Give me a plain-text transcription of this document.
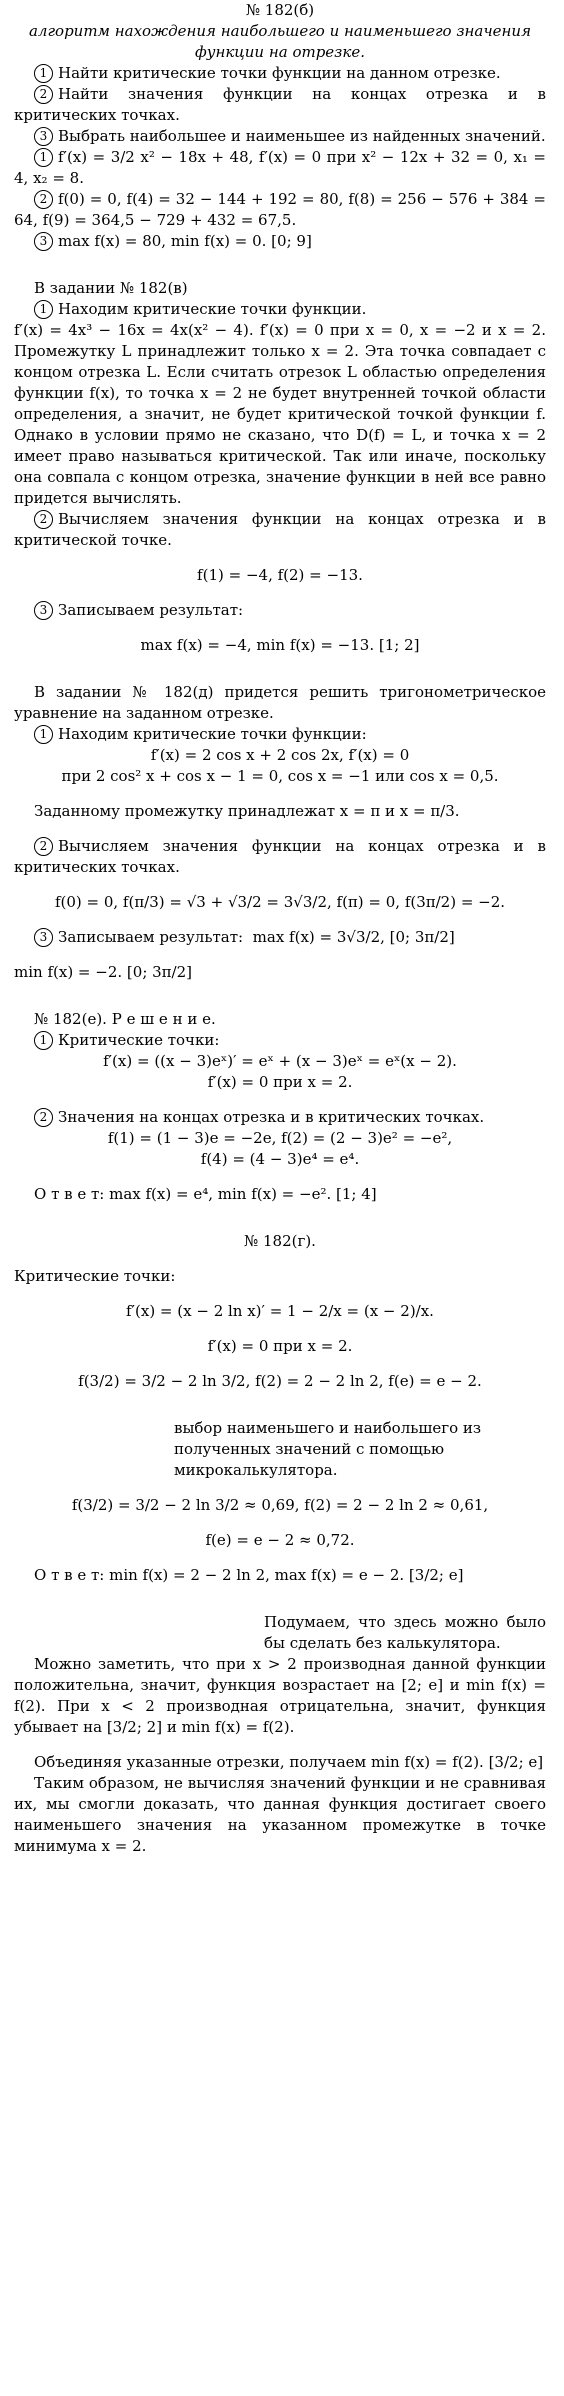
№ 182(б)

алгоритм нахождения наибольшего и наименьшего значения функции на отрезке.

1 Найти критические точки функции на данном отрезке.

2 Найти значения функции на концах отрезка и в критических точках.

3 Выбрать наибольшее и наименьшее из найденных значений.

1 f′(x) = 3/2 x² − 18x + 48, f′(x) = 0 при x² − 12x + 32 = 0, x₁ = 4, x₂ = 8.

2 f(0) = 0, f(4) = 32 − 144 + 192 = 80, f(8) = 256 − 576 + 384 = 64, f(9) = 364,5 − 729 + 432 = 67,5.

3 max f(x) = 80, min f(x) = 0. [0; 9]

В задании № 182(в)

1 Находим критические точки функции.

f′(x) = 4x³ − 16x = 4x(x² − 4). f′(x) = 0 при x = 0, x = −2 и x = 2. Промежутку L принадлежит только x = 2. Эта точка совпадает с концом отрезка L. Если считать отрезок L областью определения функции f(x), то точка x = 2 не будет внутренней точкой области определения, а значит, не будет критической точкой функции f. Однако в условии прямо не сказано, что D(f) = L, и точка x = 2 имеет право называться критической. Так или иначе, поскольку она совпала с концом отрезка, значение функции в ней все равно придется вычислять.

2 Вычисляем значения функции на концах отрезка и в критической точке.

f(1) = −4, f(2) = −13.

3 Записываем результат:

max f(x) = −4, min f(x) = −13. [1; 2]

В задании № 182(д) придется решить тригонометрическое уравнение на заданном отрезке.

1 Находим критические точки функции:

f′(x) = 2 cos x + 2 cos 2x, f′(x) = 0

при 2 cos² x + cos x − 1 = 0, cos x = −1 или cos x = 0,5.

Заданному промежутку принадлежат x = π и x = π/3.

2 Вычисляем значения функции на концах отрезка и в критических точках.

f(0) = 0, f(π/3) = √3 + √3/2 = 3√3/2, f(π) = 0, f(3π/2) = −2.

3 Записываем результат: max f(x) = 3√3/2, [0; 3π/2]

min f(x) = −2. [0; 3π/2]

№ 182(е). Р е ш е н и е.

1 Критические точки:

f′(x) = ((x − 3)eˣ)′ = eˣ + (x − 3)eˣ = eˣ(x − 2).

f′(x) = 0 при x = 2.

2 Значения на концах отрезка и в критических точках.

f(1) = (1 − 3)e = −2e, f(2) = (2 − 3)e² = −e²,

f(4) = (4 − 3)e⁴ = e⁴.

О т в е т: max f(x) = e⁴, min f(x) = −e². [1; 4]

№ 182(г).

Критические точки:

f′(x) = (x − 2 ln x)′ = 1 − 2/x = (x − 2)/x.

f′(x) = 0 при x = 2.

f(3/2) = 3/2 − 2 ln 3/2, f(2) = 2 − 2 ln 2, f(e) = e − 2.

выбор наименьшего и наибольшего из полученных значений с помощью микрокалькулятора.

f(3/2) = 3/2 − 2 ln 3/2 ≈ 0,69, f(2) = 2 − 2 ln 2 ≈ 0,61,

f(e) = e − 2 ≈ 0,72.

О т в е т: min f(x) = 2 − 2 ln 2, max f(x) = e − 2. [3/2; e]

Подумаем, что здесь можно было бы сделать без калькулятора.

Можно заметить, что при x > 2 производная данной функции положительна, значит, функция возрастает на [2; e] и min f(x) = f(2). При x < 2 производная отрицательна, значит, функция убывает на [3/2; 2] и min f(x) = f(2).

Объединяя указанные отрезки, получаем min f(x) = f(2). [3/2; e]

Таким образом, не вычисляя значений функции и не сравнивая их, мы смогли доказать, что данная функция достигает своего наименьшего значения на указанном промежутке в точке минимума x = 2.
